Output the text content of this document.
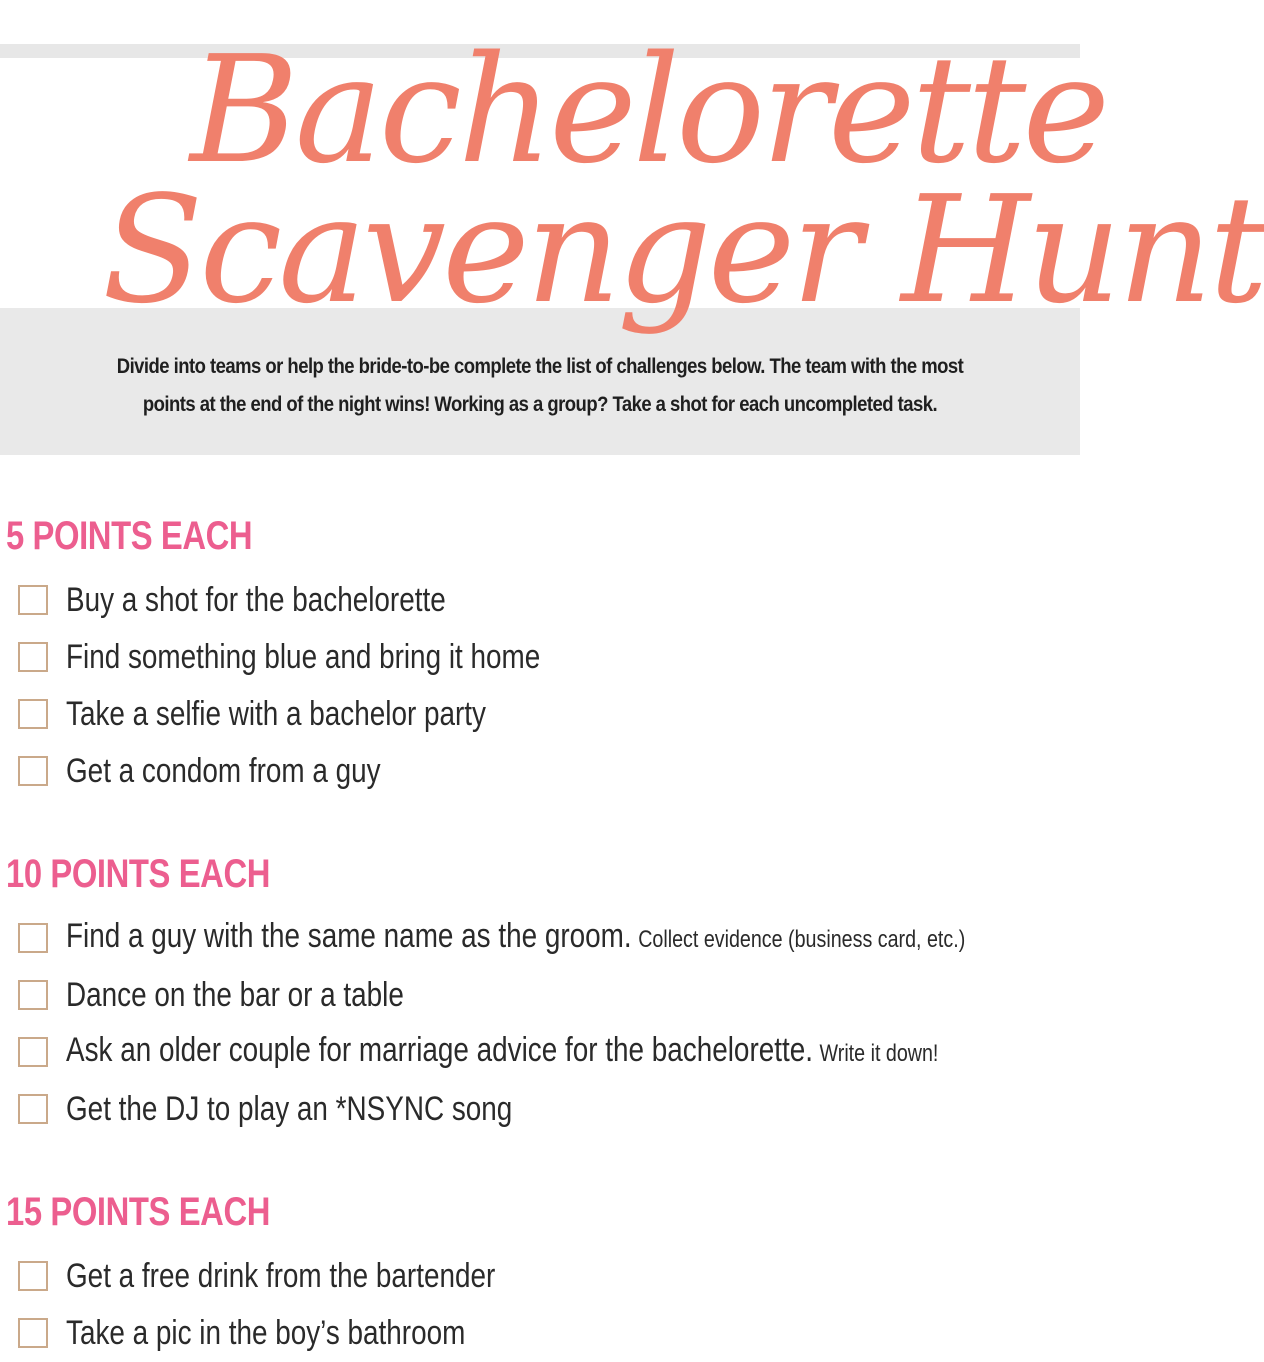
Bachelorette
Scavenger Hunt

Divide into teams or help the bride-to-be complete the list of challenges below. The team with the most
points at the end of the night wins! Working as a group? Take a shot for each uncompleted task.

5 POINTS EACH
Buy a shot for the bachelorette
Find something blue and bring it home
Take a selfie with a bachelor party
Get a condom from a guy
10 POINTS EACH
Find a guy with the same name as the groom. Collect evidence (business card, etc.)
Dance on the bar or a table
Ask an older couple for marriage advice for the bachelorette. Write it down!
Get the DJ to play an *NSYNC song
15 POINTS EACH
Get a free drink from the bartender
Take a pic in the boy’s bathroom
